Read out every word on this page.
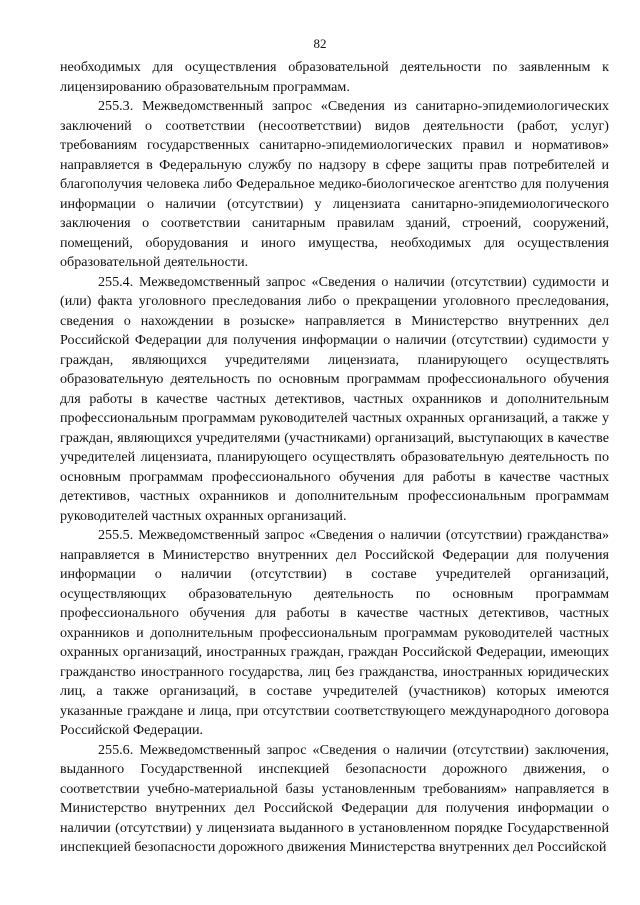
82

необходимых для осуществления образовательной деятельности по заявленным к лицензированию образовательным программам.

255.3. Межведомственный запрос «Сведения из санитарно-эпидемиологических заключений о соответствии (несоответствии) видов деятельности (работ, услуг) требованиям государственных санитарно-эпидемиологических правил и нормативов» направляется в Федеральную службу по надзору в сфере защиты прав потребителей и благополучия человека либо Федеральное медико-биологическое агентство для получения информации о наличии (отсутствии) у лицензиата санитарно-эпидемиологического заключения о соответствии санитарным правилам зданий, строений, сооружений, помещений, оборудования и иного имущества, необходимых для осуществления образовательной деятельности.

255.4. Межведомственный запрос «Сведения о наличии (отсутствии) судимости и (или) факта уголовного преследования либо о прекращении уголовного преследования, сведения о нахождении в розыске» направляется в Министерство внутренних дел Российской Федерации для получения информации о наличии (отсутствии) судимости у граждан, являющихся учредителями лицензиата, планирующего осуществлять образовательную деятельность по основным программам профессионального обучения для работы в качестве частных детективов, частных охранников и дополнительным профессиональным программам руководителей частных охранных организаций, а также у граждан, являющихся учредителями (участниками) организаций, выступающих в качестве учредителей лицензиата, планирующего осуществлять образовательную деятельность по основным программам профессионального обучения для работы в качестве частных детективов, частных охранников и дополнительным профессиональным программам руководителей частных охранных организаций.

255.5. Межведомственный запрос «Сведения о наличии (отсутствии) гражданства» направляется в Министерство внутренних дел Российской Федерации для получения информации о наличии (отсутствии) в составе учредителей организаций, осуществляющих образовательную деятельность по основным программам профессионального обучения для работы в качестве частных детективов, частных охранников и дополнительным профессиональным программам руководителей частных охранных организаций, иностранных граждан, граждан Российской Федерации, имеющих гражданство иностранного государства, лиц без гражданства, иностранных юридических лиц, а также организаций, в составе учредителей (участников) которых имеются указанные граждане и лица, при отсутствии соответствующего международного договора Российской Федерации.

255.6. Межведомственный запрос «Сведения о наличии (отсутствии) заключения, выданного Государственной инспекцией безопасности дорожного движения, о соответствии учебно-материальной базы установленным требованиям» направляется в Министерство внутренних дел Российской Федерации для получения информации о наличии (отсутствии) у лицензиата выданного в установленном порядке Государственной инспекцией безопасности дорожного движения Министерства внутренних дел Российской
